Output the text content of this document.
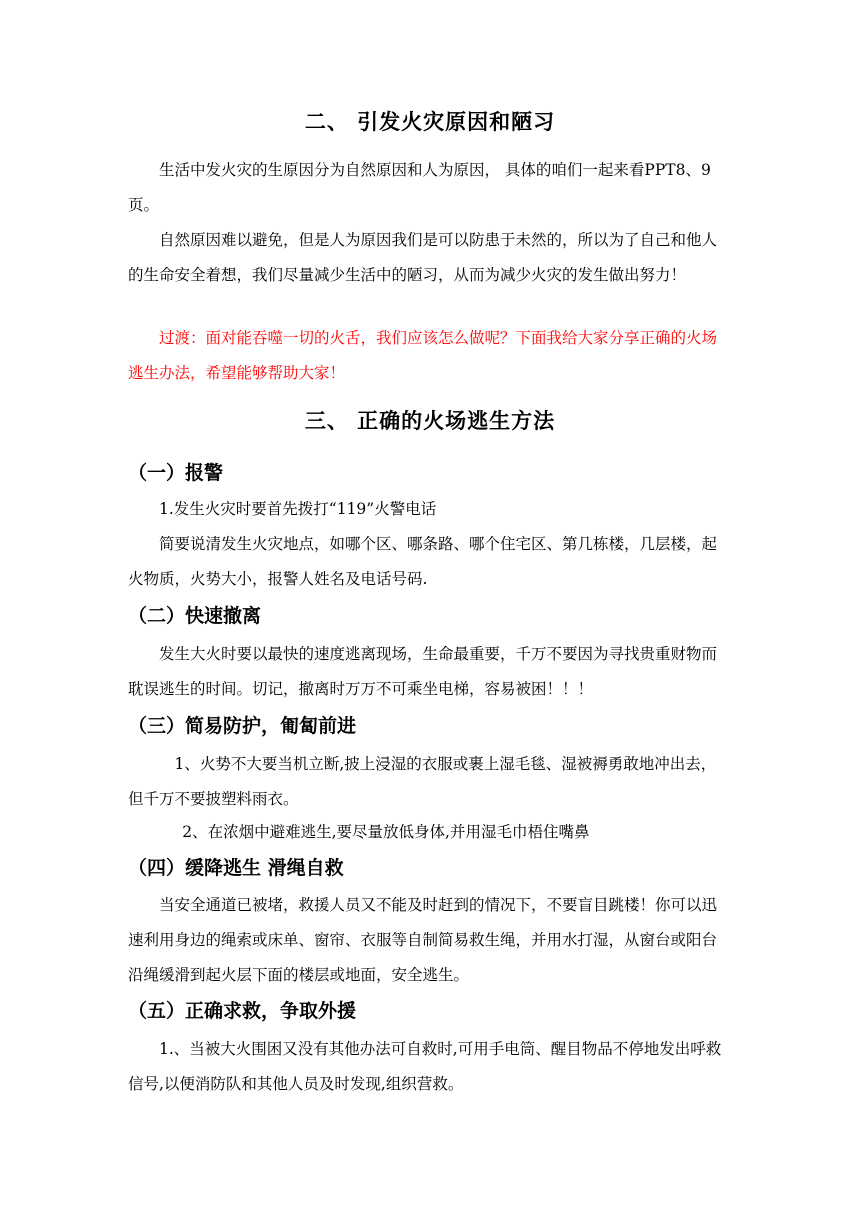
二、 引发火灾原因和陋习

生活中发火灾的生原因分为自然原因和人为原因， 具体的咱们一起来看PPT8、9页。

自然原因难以避免，但是人为原因我们是可以防患于未然的，所以为了自己和他人的生命安全着想，我们尽量减少生活中的陋习，从而为减少火灾的发生做出努力！

过渡：面对能吞噬一切的火舌，我们应该怎么做呢？下面我给大家分享正确的火场逃生办法，希望能够帮助大家！

三、 正确的火场逃生方法
（一）报警

1.发生火灾时要首先拨打“119”火警电话

简要说清发生火灾地点，如哪个区、哪条路、哪个住宅区、第几栋楼，几层楼，起火物质，火势大小，报警人姓名及电话号码.

（二）快速撤离

发生大火时要以最快的速度逃离现场，生命最重要，千万不要因为寻找贵重财物而耽误逃生的时间。切记，撤离时万万不可乘坐电梯，容易被困！！！

（三）简易防护，匍匐前进

1、火势不大要当机立断,披上浸湿的衣服或裹上湿毛毯、湿被褥勇敢地冲出去，但千万不要披塑料雨衣。

2、在浓烟中避难逃生,要尽量放低身体,并用湿毛巾梧住嘴鼻

（四）缓降逃生 滑绳自救

当安全通道已被堵，救援人员又不能及时赶到的情况下，不要盲目跳楼！你可以迅速利用身边的绳索或床单、窗帘、衣服等自制简易救生绳，并用水打湿，从窗台或阳台沿绳缓滑到起火层下面的楼层或地面，安全逃生。

（五）正确求救，争取外援

1.、当被大火围困又没有其他办法可自救时,可用手电筒、醒目物品不停地发出呼救信号,以便消防队和其他人员及时发现,组织营救。
